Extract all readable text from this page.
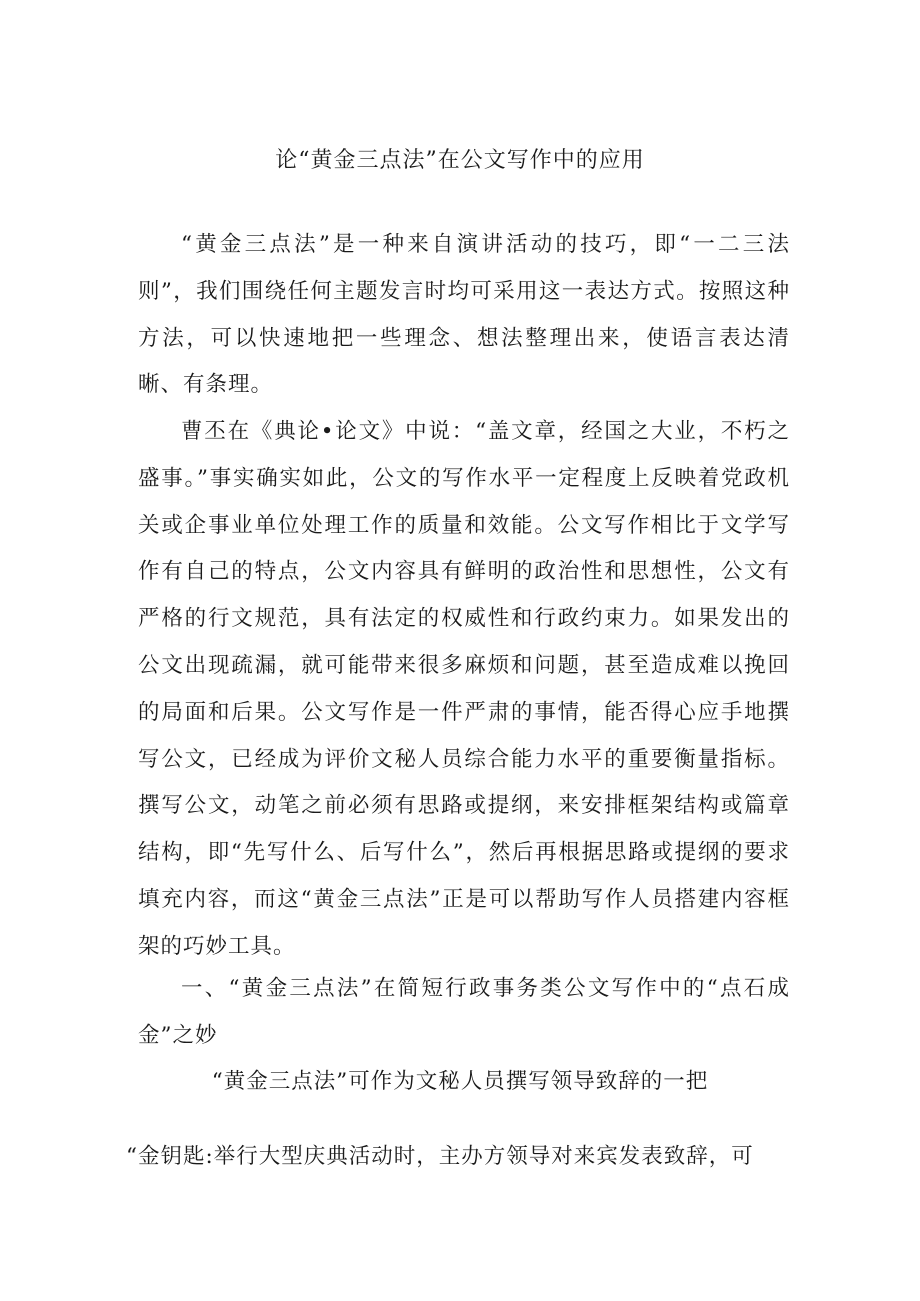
论“黄金三点法”在公文写作中的应用

“黄金三点法”是一种来自演讲活动的技巧，即“一二三法则”，我们围绕任何主题发言时均可采用这一表达方式。按照这种方法，可以快速地把一些理念、想法整理出来，使语言表达清晰、有条理。

曹丕在《典论•论文》中说：“盖文章，经国之大业，不朽之盛事。”事实确实如此，公文的写作水平一定程度上反映着党政机关或企事业单位处理工作的质量和效能。公文写作相比于文学写作有自己的特点，公文内容具有鲜明的政治性和思想性，公文有严格的行文规范，具有法定的权威性和行政约束力。如果发出的公文出现疏漏，就可能带来很多麻烦和问题，甚至造成难以挽回的局面和后果。公文写作是一件严肃的事情，能否得心应手地撰写公文，已经成为评价文秘人员综合能力水平的重要衡量指标。撰写公文，动笔之前必须有思路或提纲，来安排框架结构或篇章结构，即“先写什么、后写什么”，然后再根据思路或提纲的要求填充内容，而这“黄金三点法”正是可以帮助写作人员搭建内容框架的巧妙工具。

一、“黄金三点法”在简短行政事务类公文写作中的“点石成金”之妙

“黄金三点法”可作为文秘人员撰写领导致辞的一把

“金钥匙:举行大型庆典活动时，主办方领导对来宾发表致辞，可
